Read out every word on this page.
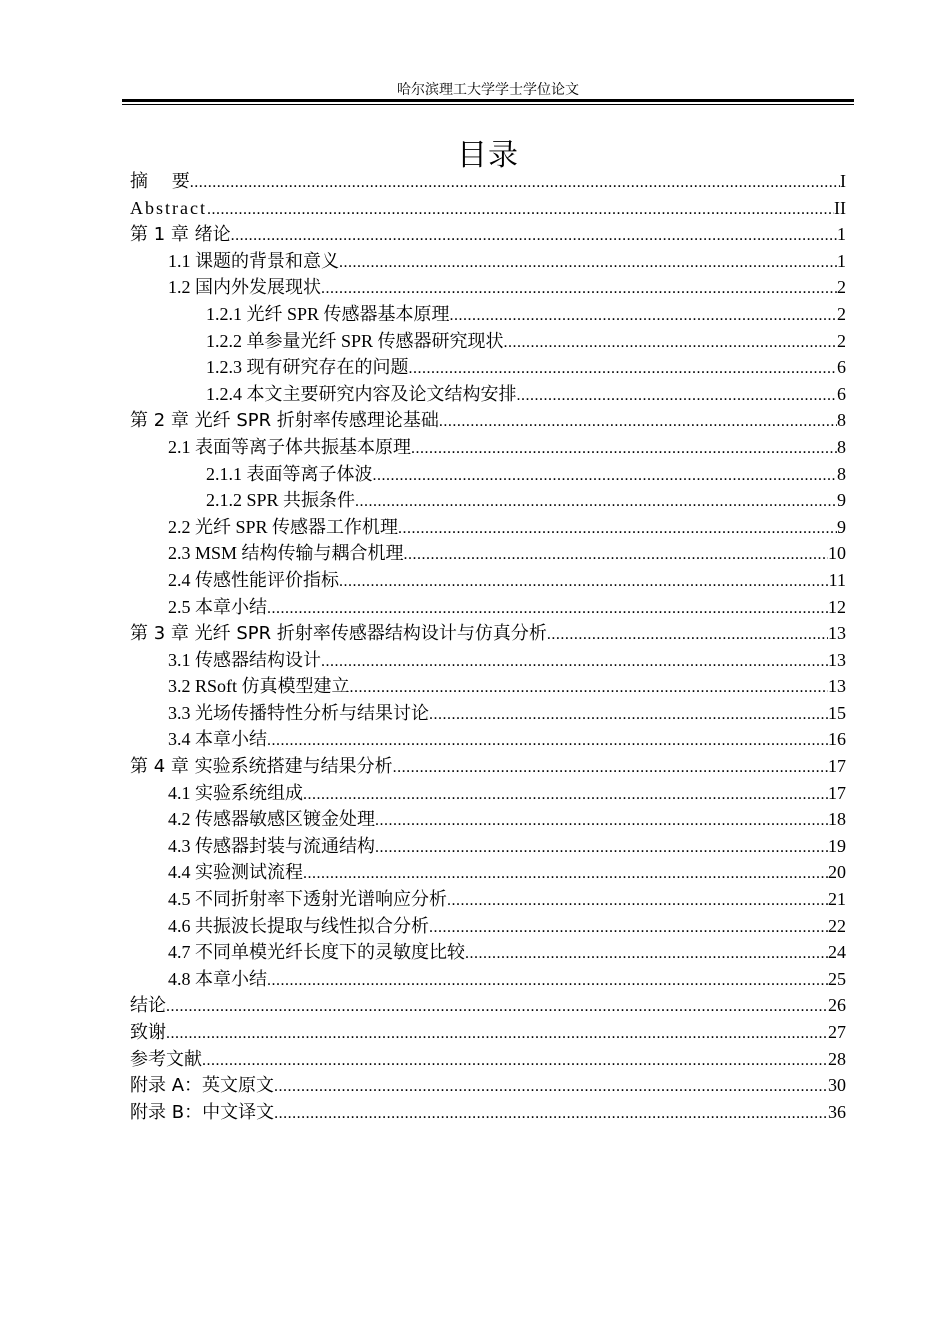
哈尔滨理工大学学士学位论文
目录
摘　 要 .....	I
Abstract .....	II
第 1 章 绪论 .....	1
1.1 课题的背景和意义 .....	1
1.2 国内外发展现状 .....	2
1.2.1 光纤 SPR 传感器基本原理 .....	2
1.2.2 单参量光纤 SPR 传感器研究现状 .....	2
1.2.3 现有研究存在的问题 .....	6
1.2.4 本文主要研究内容及论文结构安排 .....	6
第 2 章 光纤 SPR 折射率传感理论基础 .....	8
2.1 表面等离子体共振基本原理 .....	8
2.1.1 表面等离子体波 .....	8
2.1.2 SPR 共振条件 .....	9
2.2 光纤 SPR 传感器工作机理 .....	9
2.3 MSM 结构传输与耦合机理 .....	10
2.4 传感性能评价指标 .....	11
2.5 本章小结 .....	12
第 3 章 光纤 SPR 折射率传感器结构设计与仿真分析 .....	13
3.1 传感器结构设计 .....	13
3.2 RSoft 仿真模型建立 .....	13
3.3 光场传播特性分析与结果讨论 .....	15
3.4 本章小结 .....	16
第 4 章 实验系统搭建与结果分析 .....	17
4.1 实验系统组成 .....	17
4.2 传感器敏感区镀金处理 .....	18
4.3 传感器封装与流通结构 .....	19
4.4 实验测试流程 .....	20
4.5 不同折射率下透射光谱响应分析 .....	21
4.6 共振波长提取与线性拟合分析 .....	22
4.7 不同单模光纤长度下的灵敏度比较 .....	24
4.8 本章小结 .....	25
结论 .....	26
致谢 .....	27
参考文献 .....	28
附录 A：英文原文 .....	30
附录 B：中文译文 .....	36
